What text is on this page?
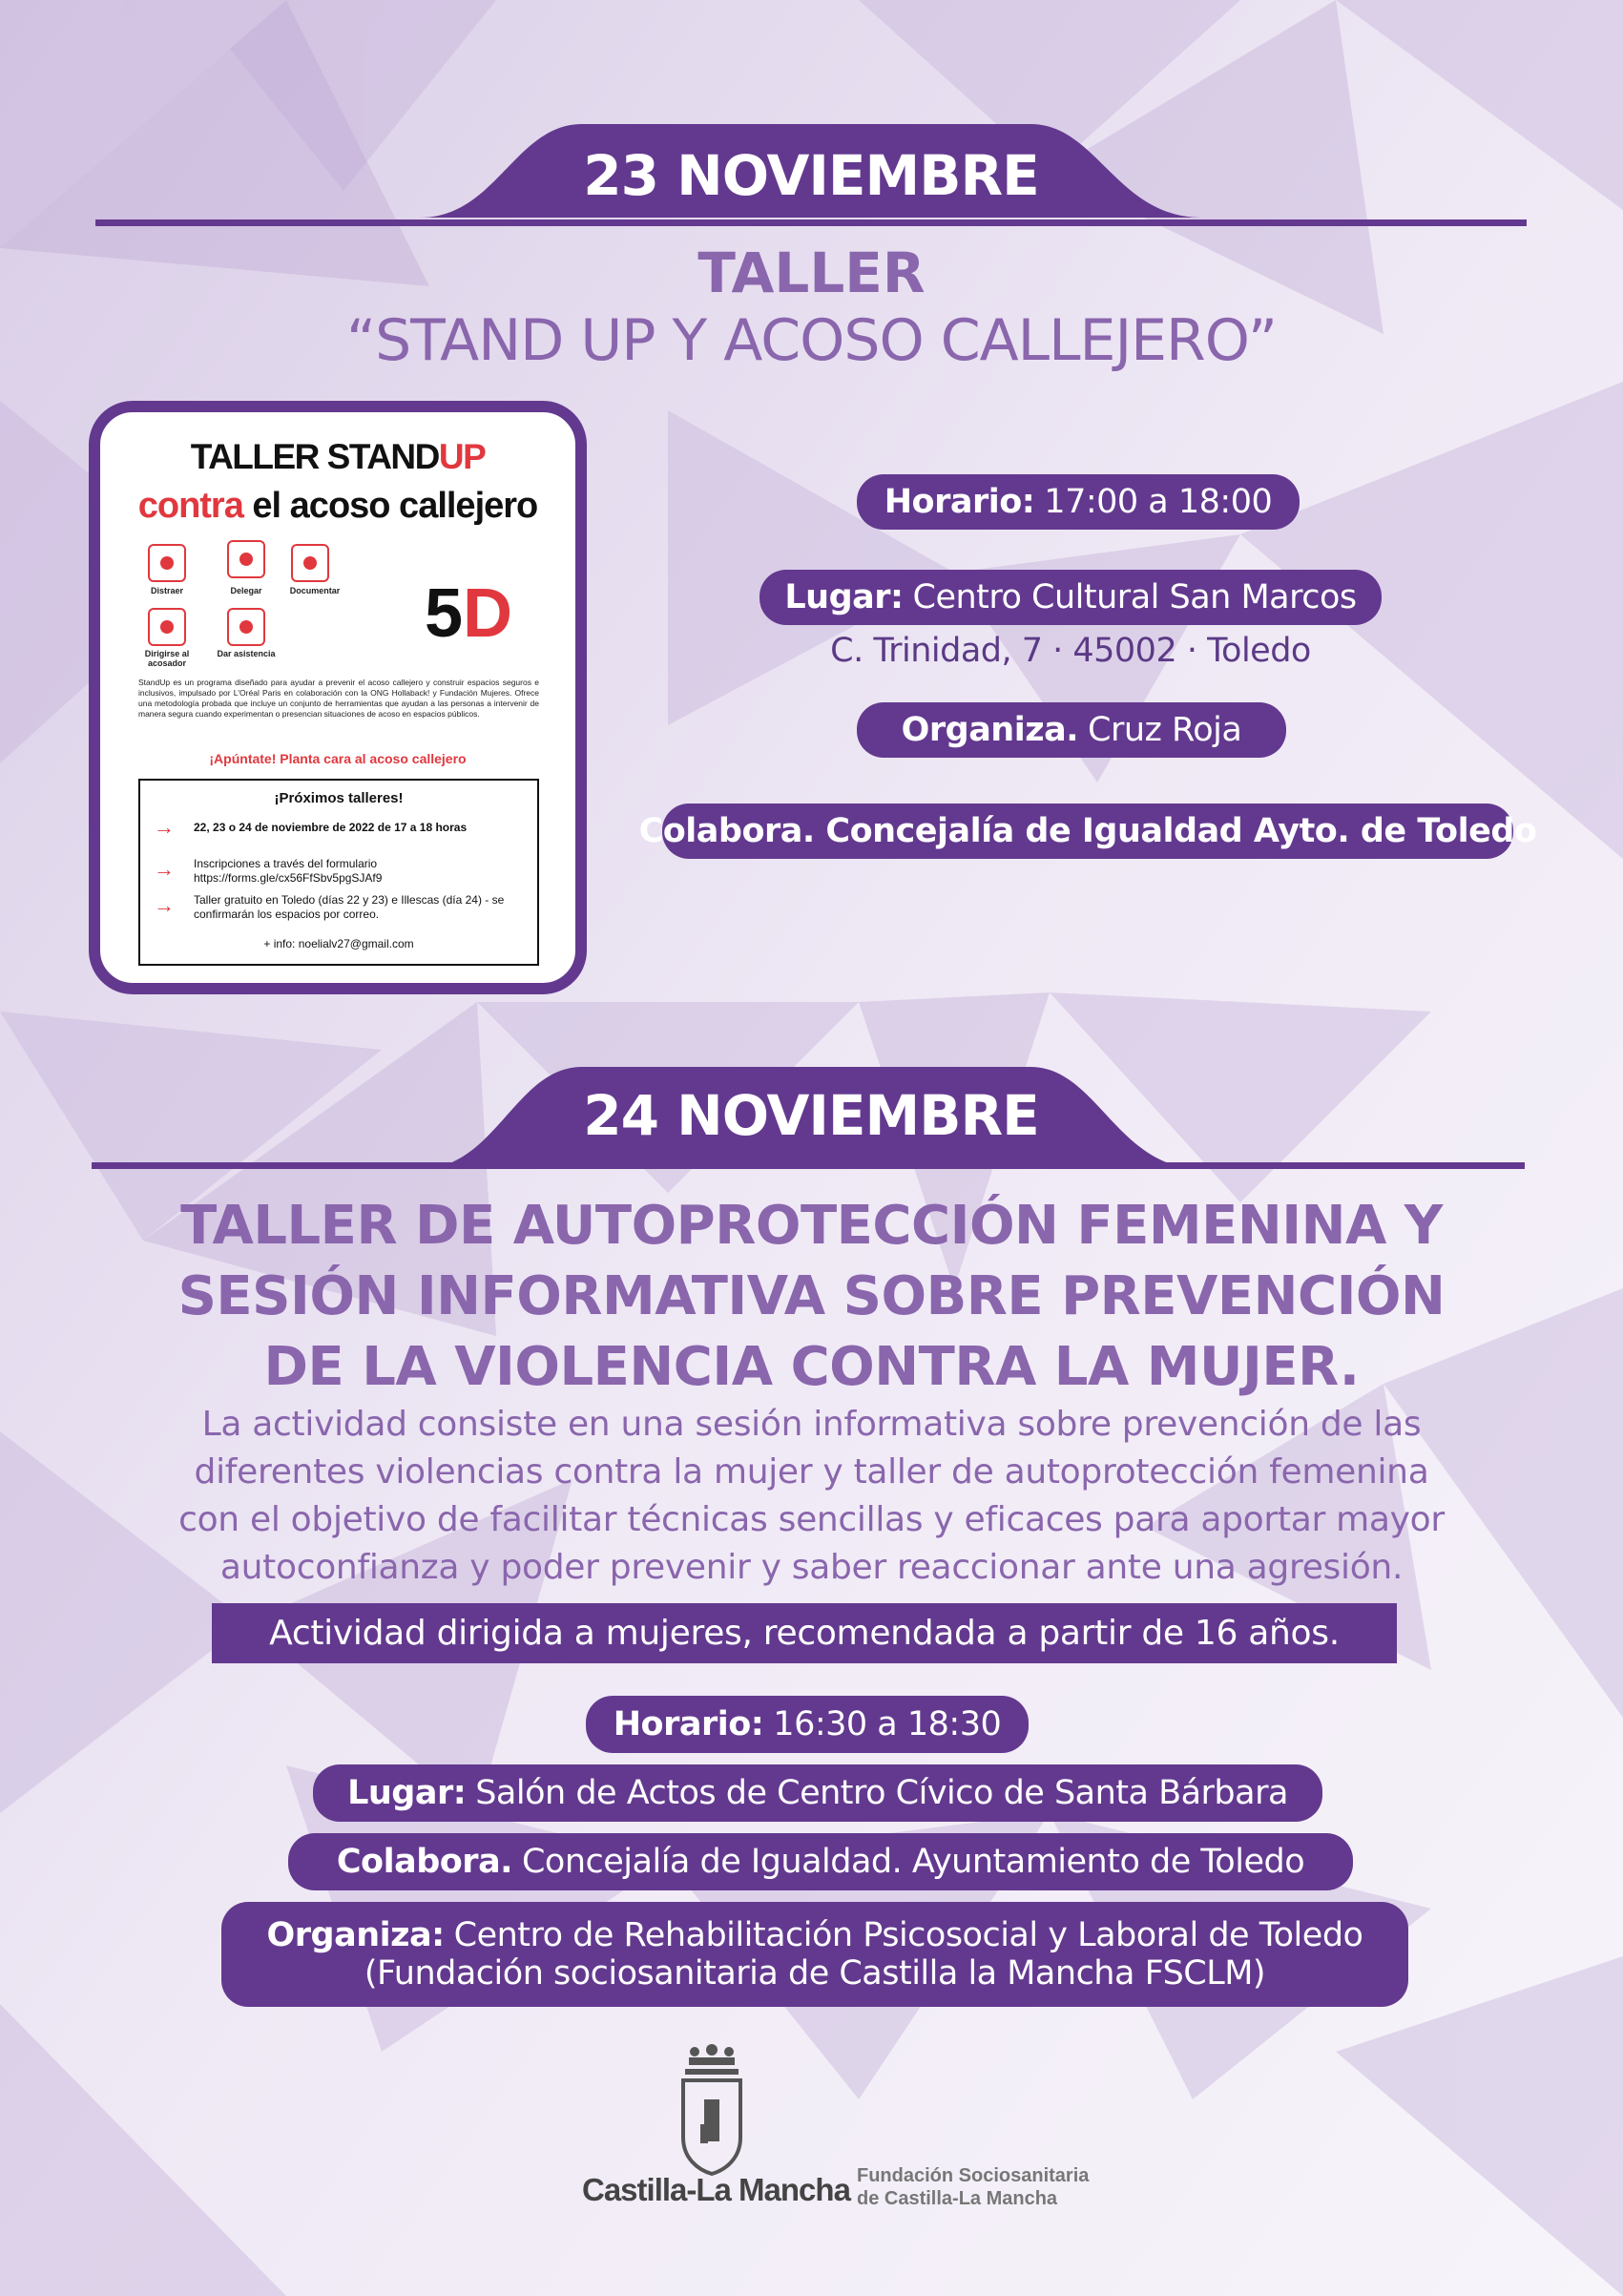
23 NOVIEMBRE
TALLER
“STAND UP Y ACOSO CALLEJERO”
TALLER STANDUP
contra el acoso callejero
Distraer	Delegar	Documentar
Dirigirse al acosador
Dar asistencia
5D
StandUp es un programa diseñado para ayudar a prevenir el acoso callejero y construir espacios seguros e inclusivos, impulsado por L'Oréal Paris en colaboración con la ONG Hollaback! y Fundación Mujeres. Ofrece una metodología probada que incluye un conjunto de herramientas que ayudan a las personas a intervenir de manera segura cuando experimentan o presencian situaciones de acoso en espacios públicos.
¡Apúntate! Planta cara al acoso callejero
¡Próximos talleres!
→ 22, 23 o 24 de noviembre de 2022 de 17 a 18 horas
→ Inscripciones a través del formulario https://forms.gle/cx56FfSbv5pgSJAf9
→ Taller gratuito en Toledo (días 22 y 23) e Illescas (día 24) - se confirmarán los espacios por correo.
+ info: noelialv27@gmail.com
Horario: 17:00 a 18:00
Lugar: Centro Cultural San Marcos
C. Trinidad, 7 · 45002 · Toledo
Organiza. Cruz Roja
Colabora. Concejalía de Igualdad Ayto. de Toledo
24 NOVIEMBRE
TALLER DE AUTOPROTECCIÓN FEMENINA Y
SESIÓN INFORMATIVA SOBRE PREVENCIÓN
DE LA VIOLENCIA CONTRA LA MUJER.
La actividad consiste en una sesión informativa sobre prevención de las
diferentes violencias contra la mujer y taller de autoprotección femenina
con el objetivo de facilitar técnicas sencillas y eficaces para aportar mayor
autoconfianza y poder prevenir y saber reaccionar ante una agresión.
Actividad dirigida a mujeres, recomendada a partir de 16 años.
Horario: 16:30 a 18:30
Lugar: Salón de Actos de Centro Cívico de Santa Bárbara
Colabora. Concejalía de Igualdad. Ayuntamiento de Toledo
Organiza: Centro de Rehabilitación Psicosocial y Laboral de Toledo
(Fundación sociosanitaria de Castilla la Mancha FSCLM)
Castilla-La Mancha Fundación Sociosanitaria
de Castilla-La Mancha
